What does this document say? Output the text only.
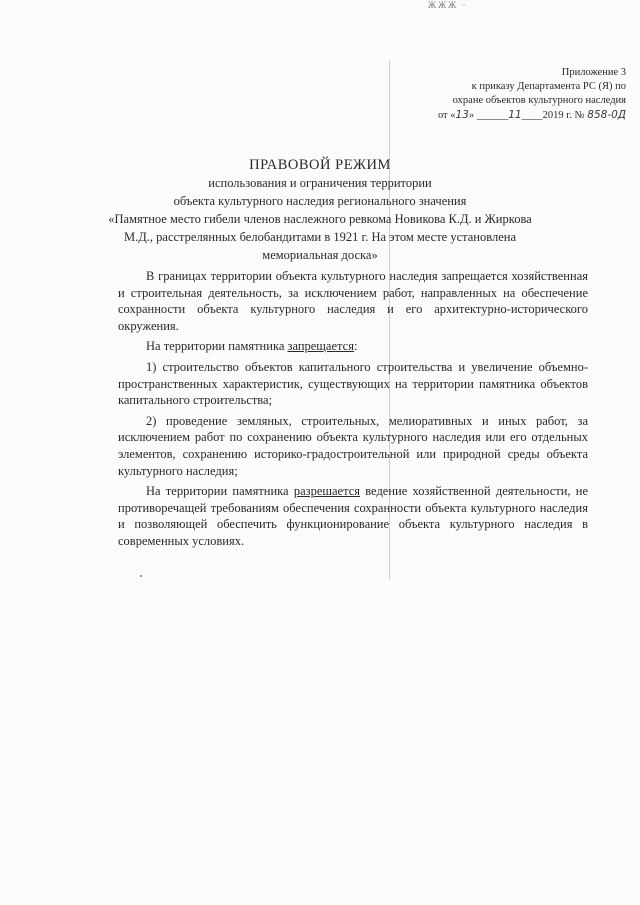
ЖЖЖ ·
Приложение 3
к приказу Департамента РС (Я) по
охране объектов культурного наследия
от «13» ______11____2019 г. № 858-0Д
ПРАВОВОЙ РЕЖИМ
использования и ограничения территории
объекта культурного наследия регионального значения
«Памятное место гибели членов наслежного ревкома Новикова К.Д. и Жиркова
М.Д., расстрелянных белобандитами в 1921 г. На этом месте установлена
мемориальная доска»

В границах территории объекта культурного наследия запрещается хозяйственная и строительная деятельность, за исключением работ, направленных на обеспечение сохранности объекта культурного наследия и его архитектурно-исторического окружения.

На территории памятника запрещается:

1) строительство объектов капитального строительства и увеличение объемно- пространственных характеристик, существующих на территории памятника объектов капитального строительства;

2) проведение земляных, строительных, мелиоративных и иных работ, за исключением работ по сохранению объекта культурного наследия или его отдельных элементов, сохранению историко-градостроительной или природной среды объекта культурного наследия;

На территории памятника разрешается ведение хозяйственной деятельности, не противоречащей требованиям обеспечения сохранности объекта культурного наследия и позволяющей обеспечить функционирование объекта культурного наследия в современных условиях.
